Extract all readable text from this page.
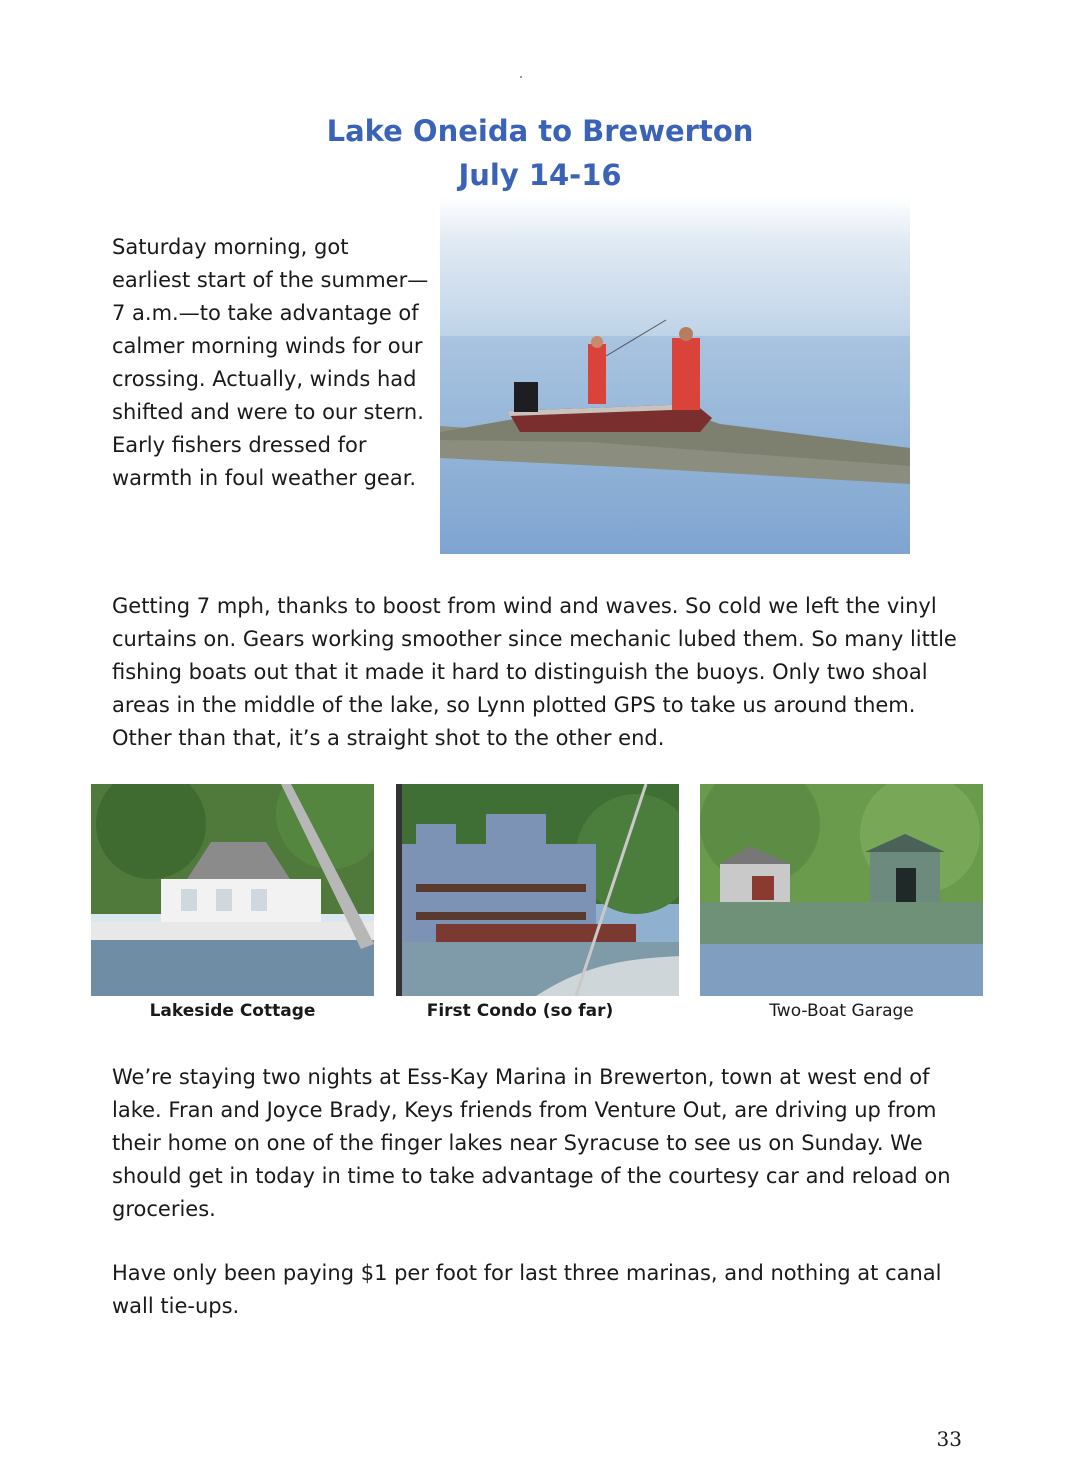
Lake Oneida to Brewerton
July 14-16

Saturday morning, got earliest start of the summer—7 a.m.—to take advantage of calmer morning winds for our crossing. Actually, winds had shifted and were to our stern. Early fishers dressed for warmth in foul weather gear.

Getting 7 mph, thanks to boost from wind and waves. So cold we left the vinyl curtains on. Gears working smoother since mechanic lubed them. So many little fishing boats out that it made it hard to distinguish the buoys. Only two shoal areas in the middle of the lake, so Lynn plotted GPS to take us around them. Other than that, it’s a straight shot to the other end.

Lakeside Cottage	First Condo (so far)	Two-Boat Garage

We’re staying two nights at Ess-Kay Marina in Brewerton, town at west end of lake. Fran and Joyce Brady, Keys friends from Venture Out, are driving up from their home on one of the finger lakes near Syracuse to see us on Sunday. We should get in today in time to take advantage of the courtesy car and reload on groceries.

Have only been paying $1 per foot for last three marinas, and nothing at canal wall tie-ups.

33
